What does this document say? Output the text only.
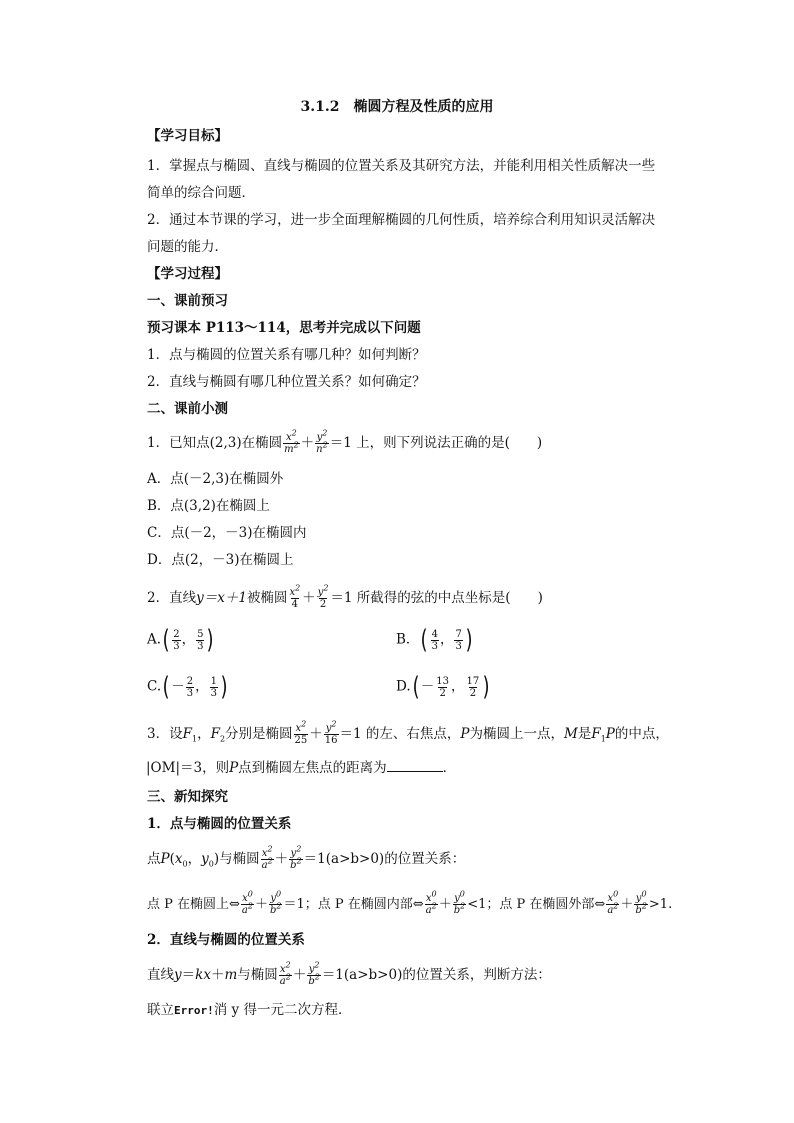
3.1.2　椭圆方程及性质的应用
【学习目标】
1．掌握点与椭圆、直线与椭圆的位置关系及其研究方法，并能利用相关性质解决一些
简单的综合问题．
2．通过本节课的学习，进一步全面理解椭圆的几何性质，培养综合利用知识灵活解决
问题的能力．
【学习过程】
一、课前预习
预习课本 P113～114，思考并完成以下问题
1．点与椭圆的位置关系有哪几种？如何判断？
2．直线与椭圆有哪几种位置关系？如何确定？
二、课前小测
1．已知点(2,3)在椭圆 $\frac{x^2}{m^2} + \frac{y^2}{n^2} =1$ 上，则下列说法正确的是(　　)
A．点(－2,3)在椭圆外
B．点(3,2)在椭圆上
C．点(－2，－3)在椭圆内
D．点(2，－3)在椭圆上
2．直线y＝x＋1被椭圆 $\frac{x^2}{4} + \frac{y^2}{2} =1$ 所截得的弦的中点坐标是(　　)
$A.( \frac{2}{3}$ ， $\frac{5}{3}$ )	B．( $\frac{4}{3}$ ， $\frac{7}{3}$ )
$C.( - \frac{2}{3}$ ， $\frac{1}{3}$ )	$D.( - \frac{13}{2}$ ， $\frac{17}{2}$ )
3．设$F_1$，$F_2$分别是椭圆 $\frac{x^2}{25} + \frac{y^2}{16} =1$ 的左、右焦点，P为椭圆上一点，M是$F_1P$的中点，
|OM|＝3，则P点到椭圆左焦点的距离为	．
三、新知探究
1．点与椭圆的位置关系
点$P(x_0$，$y_0$)与椭圆 $\frac{x^2}{a^2} + \frac{y^2}{b^2} =1(a>b>0)$的位置关系：
点 P 在椭圆上⇔ $\frac{x^0}{a^2} + \frac{y^0}{b^2} =1$；点 P 在椭圆内部⇔ $\frac{x^0}{a^2} + \frac{y^0}{b^2} <1$；点 P 在椭圆外部⇔ $\frac{x^0}{a^2} + \frac{y^0}{b^2} >1$.
2．直线与椭圆的位置关系
直线y＝kx＋m与椭圆 $\frac{x^2}{a^2} + \frac{y^2}{b^2} =1(a>b>0)$的位置关系，判断方法：
联立Error!消 y 得一元二次方程．
